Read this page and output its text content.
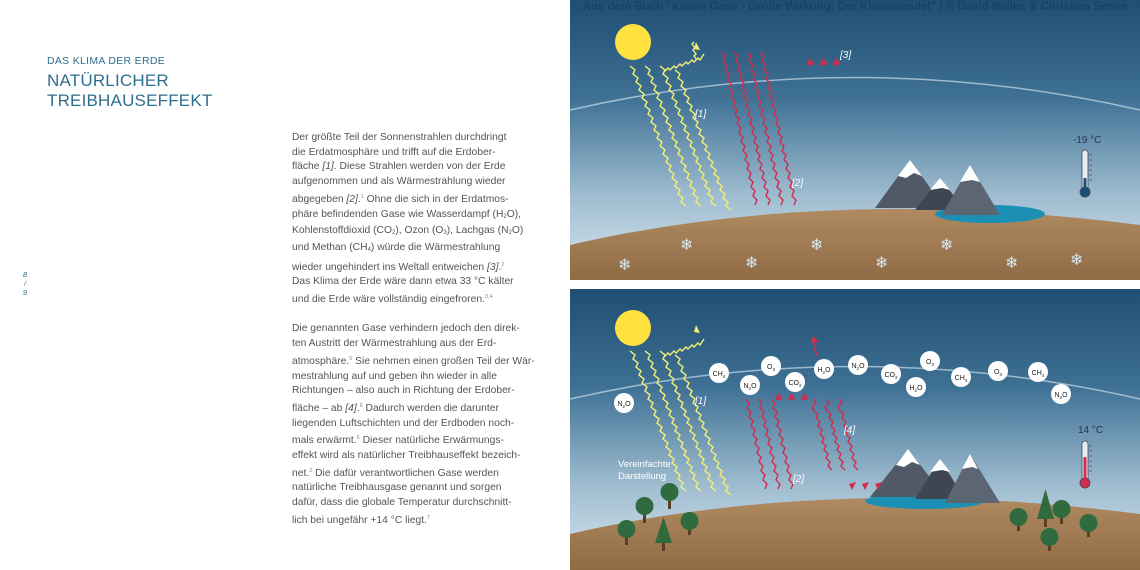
DAS KLIMA DER ERDE
NATÜRLICHER
TREIBHAUSEFFEKT
8
/
9

Der größte Teil der Sonnenstrahlen durchdringt
die Erdatmosphäre und trifft auf die Erdober-
fläche [1]. Diese Strahlen werden von der Erde
aufgenommen und als Wärmestrahlung wieder
abgegeben [2].$^1$ Ohne die sich in der Erdatmos-
phäre befindenden Gase wie Wasserdampf $(H_2O)$,
Kohlenstoffdioxid $(CO_2)$, Ozon $(O_3)$, Lachgas $(N_2O)$
und Methan $(CH_4)$ würde die Wärmestrahlung
wieder ungehindert ins Weltall entweichen [3].$^2$
Das Klima der Erde wäre dann etwa 33 °C kälter
und die Erde wäre vollständig eingefroren.$^{3,4}$

Die genannten Gase verhindern jedoch den direk-
ten Austritt der Wärmestrahlung aus der Erd-
atmosphäre.$^5$ Sie nehmen einen großen Teil der Wär-
mestrahlung auf und geben ihn wieder in alle
Richtungen – also auch in Richtung der Erdober-
fläche – ab [4].$^6$ Dadurch werden die darunter
liegenden Luftschichten und der Erdboden noch-
mals erwärmt.$^6$ Dieser natürliche Erwärmungs-
effekt wird als natürlicher Treibhauseffekt bezeich-
net.$^2$ Die dafür verantwortlichen Gase werden
natürliche Treibhausgase genannt und sorgen
dafür, dass die globale Temperatur durchschnitt-
lich bei ungefähr +14 °C liegt.$^7$

❄
❄
❄
❄
❄
❄
❄	❄
[1]
[2]
[3]
-19 °C
$N_2O$
$CH_4$
$N_2O$
$O_3$
$CO_2$
$H_2O$
$N_2O$
$O_3$
$CO_2$
$H_2O$
$CH_4$
$O_3$	$CH_4$
$N_2O$
[1]
[2]
[4]
Vereinfachte
Darstellung
14 °C
Aus dem Buch "Kleine Gase - Große Wirkung: Der Klimawandel" / © David Nelles & Christian Serrer
